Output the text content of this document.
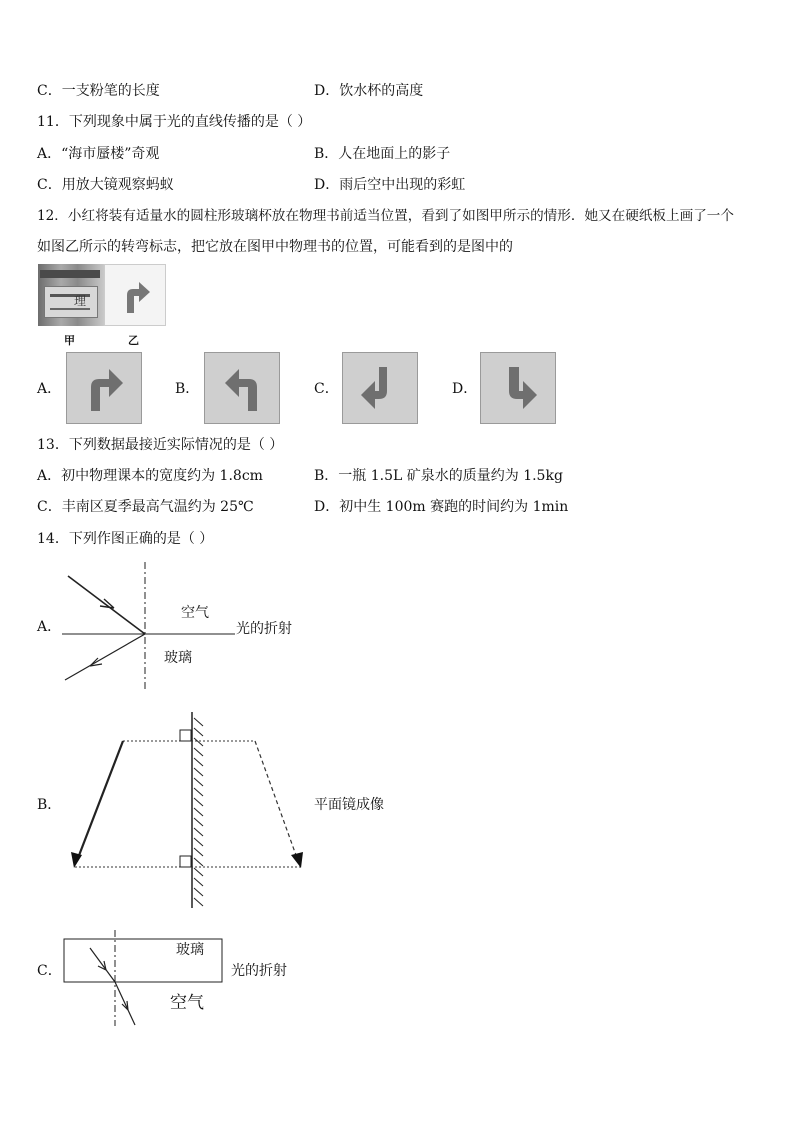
C．一支粉笔的长度	D．饮水杯的高度
11．下列现象中属于光的直线传播的是（ ）
A．“海市蜃楼”奇观	B．人在地面上的影子
C．用放大镜观察蚂蚁	D．雨后空中出现的彩虹
12．小红将装有适量水的圆柱形玻璃杯放在物理书前适当位置，看到了如图甲所示的情形．她又在硬纸板上画了一个
如图乙所示的转弯标志，把它放在图甲中物理书的位置，可能看到的是图中的
理
甲	乙
A．	B．	C．	D．
13．下列数据最接近实际情况的是（ ）
A．初中物理课本的宽度约为 1.8cm	B．一瓶 1.5L 矿泉水的质量约为 1.5kg
C．丰南区夏季最高气温约为 25℃	D．初中生 100m 赛跑的时间约为 1min
14．下列作图正确的是（ ）
A．
空气
玻璃
光的折射
B．	平面镜成像
C．
玻璃
空气
光的折射
